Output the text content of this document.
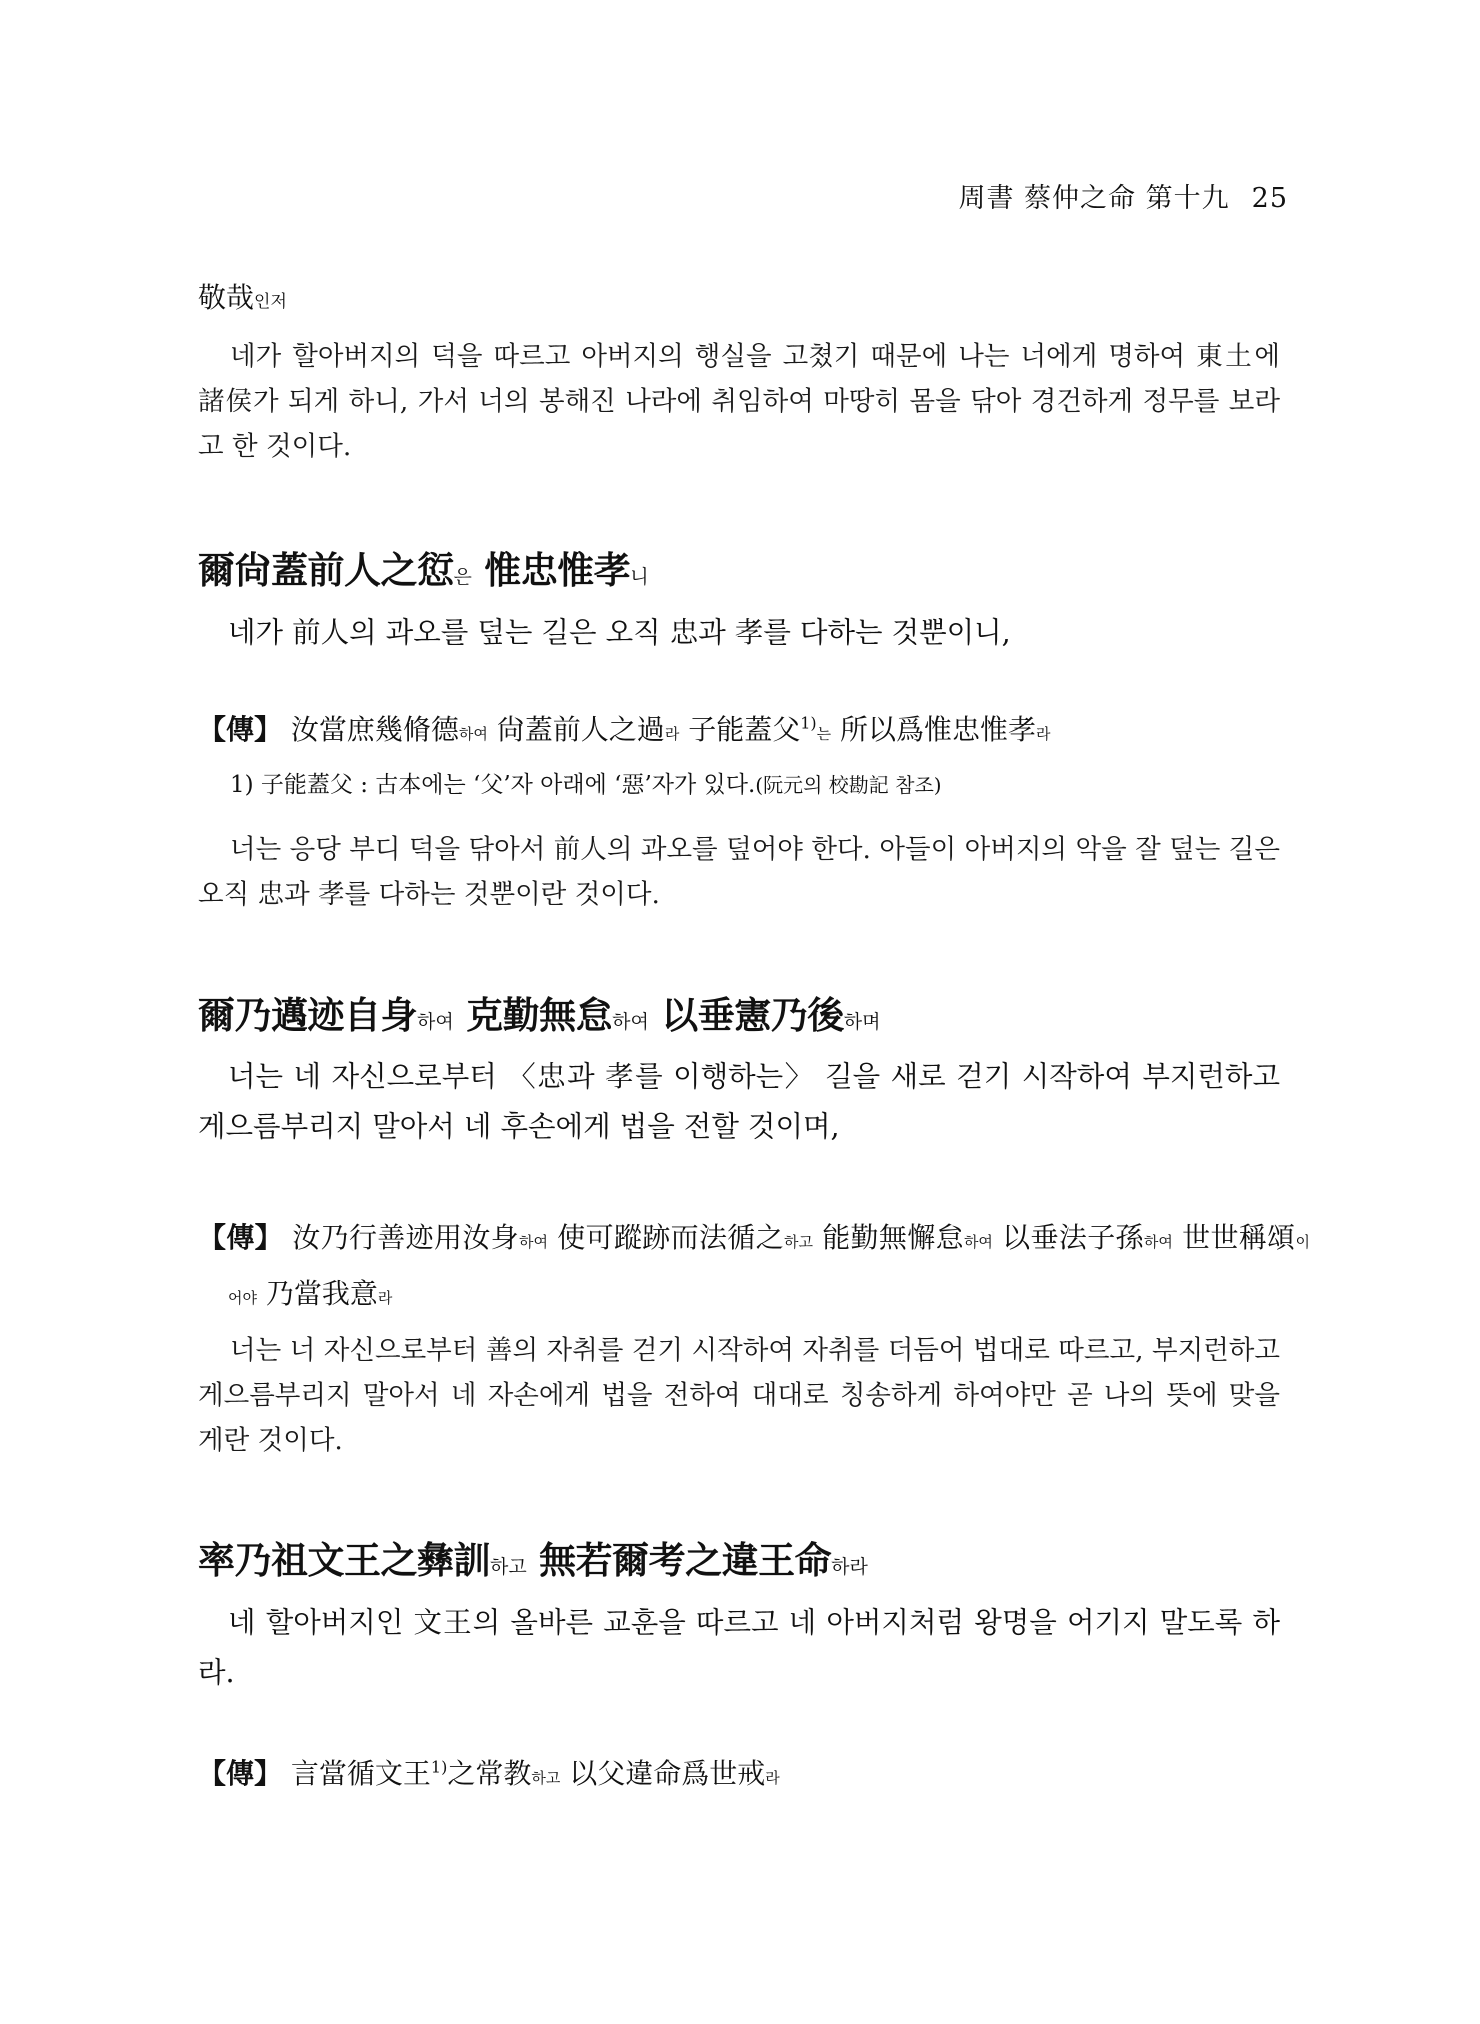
周書 蔡仲之命 第十九 25
敬哉인저
네가 할아버지의 덕을 따르고 아버지의 행실을 고쳤기 때문에 나는 너에게 명하여 東土에 諸侯가 되게 하니, 가서 너의 봉해진 나라에 취임하여 마땅히 몸을 닦아 경건하게 정무를 보라고 한 것이다.
爾尙蓋前人之愆은 惟忠惟孝니
네가 前人의 과오를 덮는 길은 오직 忠과 孝를 다하는 것뿐이니,
【傳】 汝當庶幾脩德하여 尙蓋前人之過라 子能蓋父$^{1)}$는 所以爲惟忠惟孝라
1) 子能蓋父 : 古本에는 ‘父’자 아래에 ‘惡’자가 있다.(阮元의 校勘記 참조)
너는 응당 부디 덕을 닦아서 前人의 과오를 덮어야 한다. 아들이 아버지의 악을 잘 덮는 길은 오직 忠과 孝를 다하는 것뿐이란 것이다.
爾乃邁迹自身하여 克勤無怠하여 以垂憲乃後하며
너는 네 자신으로부터 〈忠과 孝를 이행하는〉 길을 새로 걷기 시작하여 부지런하고 게으름부리지 말아서 네 후손에게 법을 전할 것이며,
【傳】 汝乃行善迹用汝身하여 使可蹤跡而法循之하고 能勤無懈怠하여 以垂法子孫하여 世世稱頌이어야 乃當我意라
너는 너 자신으로부터 善의 자취를 걷기 시작하여 자취를 더듬어 법대로 따르고, 부지런하고 게으름부리지 말아서 네 자손에게 법을 전하여 대대로 칭송하게 하여야만 곧 나의 뜻에 맞을 게란 것이다.
率乃祖文王之彝訓하고 無若爾考之違王命하라
네 할아버지인 文王의 올바른 교훈을 따르고 네 아버지처럼 왕명을 어기지 말도록 하라.
【傳】 言當循文王$^{1)}$之常教하고 以父違命爲世戒라
